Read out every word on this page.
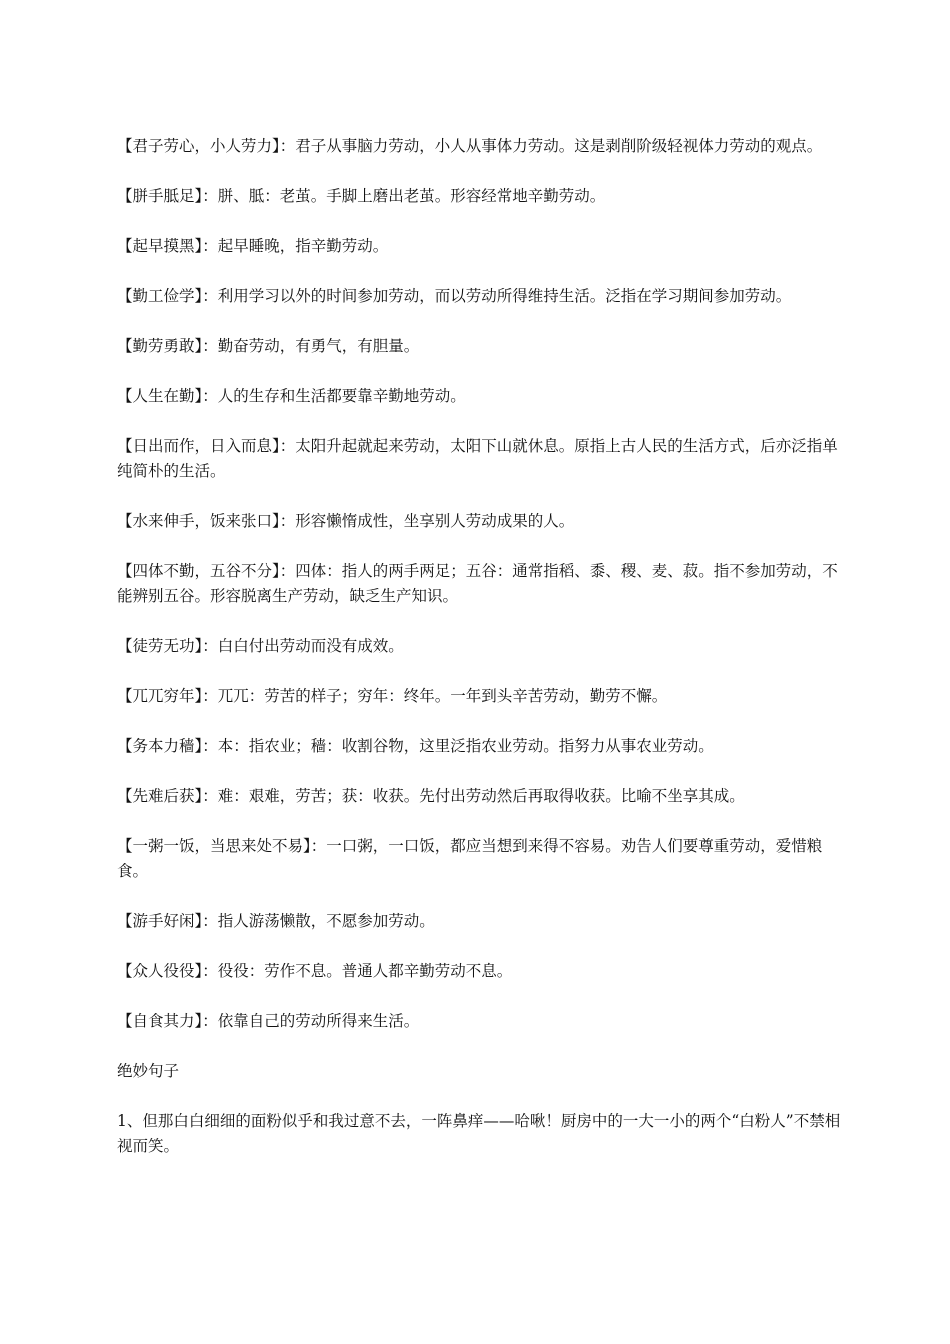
【君子劳心，小人劳力】：君子从事脑力劳动，小人从事体力劳动。这是剥削阶级轻视体力劳动的观点。

【胼手胝足】：胼、胝：老茧。手脚上磨出老茧。形容经常地辛勤劳动。

【起早摸黑】：起早睡晚，指辛勤劳动。

【勤工俭学】：利用学习以外的时间参加劳动，而以劳动所得维持生活。泛指在学习期间参加劳动。

【勤劳勇敢】：勤奋劳动，有勇气，有胆量。

【人生在勤】：人的生存和生活都要靠辛勤地劳动。

【日出而作，日入而息】：太阳升起就起来劳动，太阳下山就休息。原指上古人民的生活方式，后亦泛指单纯简朴的生活。

【水来伸手，饭来张口】：形容懒惰成性，坐享别人劳动成果的人。

【四体不勤，五谷不分】：四体：指人的两手两足；五谷：通常指稻、黍、稷、麦、菽。指不参加劳动，不能辨别五谷。形容脱离生产劳动，缺乏生产知识。

【徒劳无功】：白白付出劳动而没有成效。

【兀兀穷年】：兀兀：劳苦的样子；穷年：终年。一年到头辛苦劳动，勤劳不懈。

【务本力穑】：本：指农业；穑：收割谷物，这里泛指农业劳动。指努力从事农业劳动。

【先难后获】：难：艰难，劳苦；获：收获。先付出劳动然后再取得收获。比喻不坐享其成。

【一粥一饭，当思来处不易】：一口粥，一口饭，都应当想到来得不容易。劝告人们要尊重劳动，爱惜粮食。

【游手好闲】：指人游荡懒散，不愿参加劳动。

【众人役役】：役役：劳作不息。普通人都辛勤劳动不息。

【自食其力】：依靠自己的劳动所得来生活。

绝妙句子

1、但那白白细细的面粉似乎和我过意不去，一阵鼻痒——哈啾！厨房中的一大一小的两个“白粉人”不禁相视而笑。
